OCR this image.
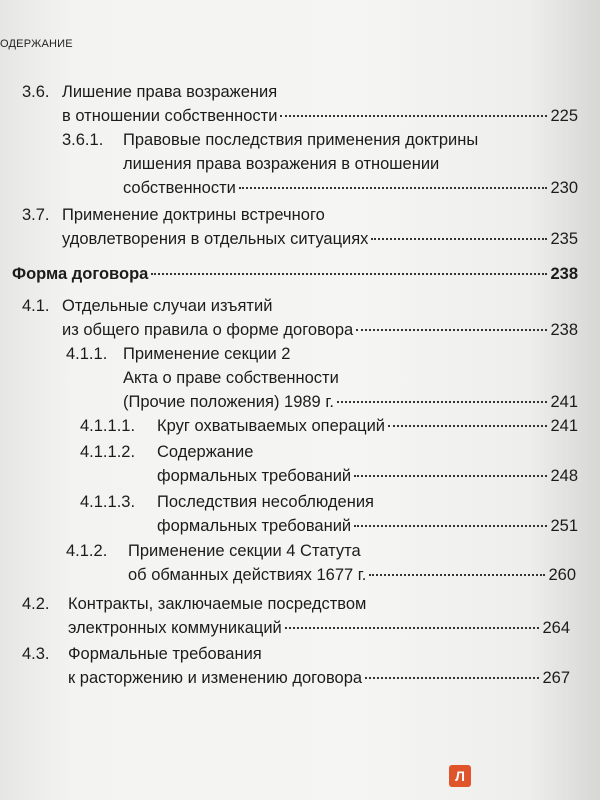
ОДЕРЖАНИЕ
3.6. Лишение права возражения
в отношении собственности	225
3.6.1. Правовые последствия применения доктрины
лишения права возражения в отношении
собственности	230
3.7. Применение доктрины встречного
удовлетворения в отдельных ситуациях	235
Форма договора	238
4.1. Отдельные случаи изъятий
из общего правила о форме договора	238
4.1.1. Применение секции 2
Акта о праве собственности
(Прочие положения) 1989 г.	241
4.1.1.1. Круг охватываемых операций	241
4.1.1.2. Содержание
формальных требований	248
4.1.1.3. Последствия несоблюдения
формальных требований	251
4.1.2. Применение секции 4 Статута
об обманных действиях 1677 г.	260
4.2. Контракты, заключаемые посредством
электронных коммуникаций	264
4.3. Формальные требования
к расторжению и изменению договора	267
Л
